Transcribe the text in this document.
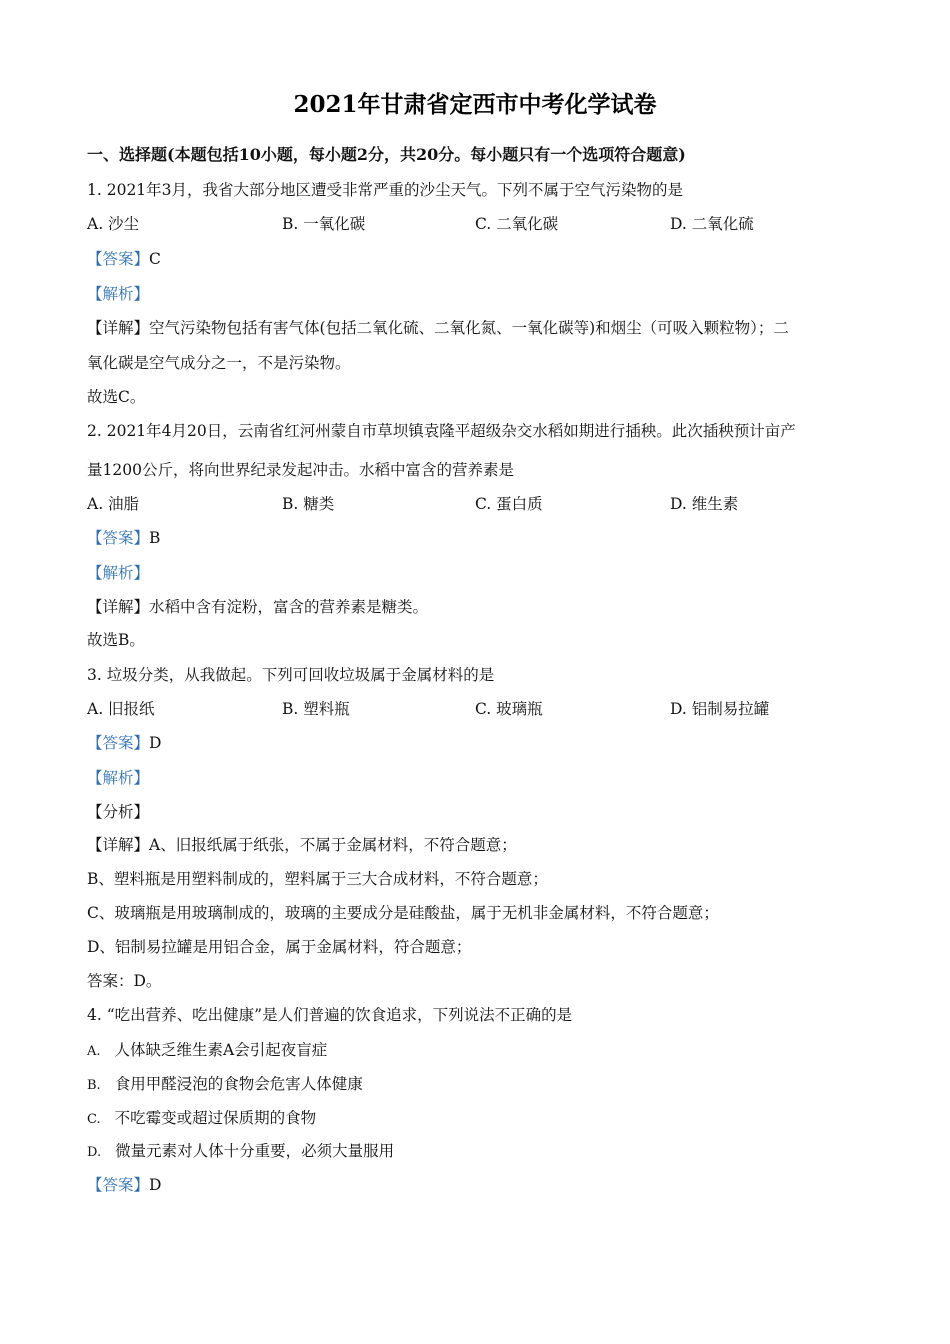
2021年甘肃省定西市中考化学试卷
一、选择题(本题包括10小题，每小题2分，共20分。每小题只有一个选项符合题意)
1. 2021年3月，我省大部分地区遭受非常严重的沙尘天气。下列不属于空气污染物的是
A. 沙尘	B. 一氧化碳	C. 二氧化碳	D. 二氧化硫
【答案】C
【解析】
【详解】空气污染物包括有害气体(包括二氧化硫、二氧化氮、一氧化碳等)和烟尘（可吸入颗粒物）；二
氧化碳是空气成分之一，不是污染物。
故选C。
2. 2021年4月20日，云南省红河州蒙自市草坝镇袁隆平超级杂交水稻如期进行插秧。此次插秧预计亩产
量1200公斤，将向世界纪录发起冲击。水稻中富含的营养素是
A. 油脂	B. 糖类	C. 蛋白质	D. 维生素
【答案】B
【解析】
【详解】水稻中含有淀粉，富含的营养素是糖类。
故选B。
3. 垃圾分类，从我做起。下列可回收垃圾属于金属材料的是
A. 旧报纸	B. 塑料瓶	C. 玻璃瓶	D. 铝制易拉罐
【答案】D
【解析】
【分析】
【详解】A、旧报纸属于纸张，不属于金属材料，不符合题意；
B、塑料瓶是用塑料制成的，塑料属于三大合成材料，不符合题意；
C、玻璃瓶是用玻璃制成的，玻璃的主要成分是硅酸盐，属于无机非金属材料，不符合题意；
D、铝制易拉罐是用铝合金，属于金属材料，符合题意；
答案：D。
4. “吃出营养、吃出健康”是人们普遍的饮食追求，下列说法不正确的是
A. 人体缺乏维生素A会引起夜盲症
B. 食用甲醛浸泡的食物会危害人体健康
C. 不吃霉变或超过保质期的食物
D. 微量元素对人体十分重要，必须大量服用
【答案】D
